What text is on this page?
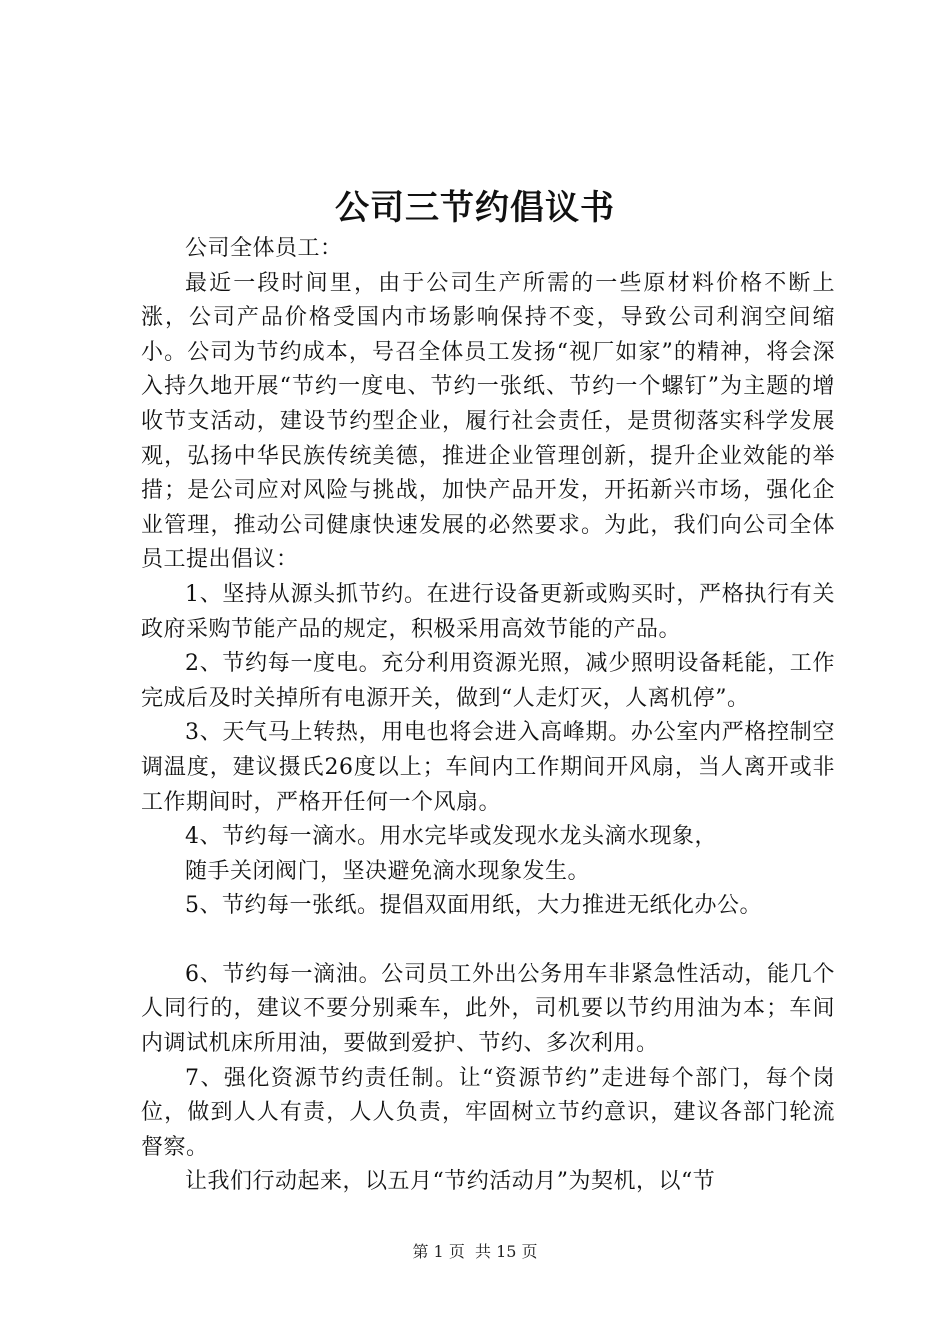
公司三节约倡议书

公司全体员工：

最近一段时间里，由于公司生产所需的一些原材料价格不断上涨，公司产品价格受国内市场影响保持不变，导致公司利润空间缩小。公司为节约成本，号召全体员工发扬“视厂如家”的精神，将会深入持久地开展“节约一度电、节约一张纸、节约一个螺钉”为主题的增收节支活动，建设节约型企业，履行社会责任，是贯彻落实科学发展观，弘扬中华民族传统美德，推进企业管理创新，提升企业效能的举措；是公司应对风险与挑战，加快产品开发，开拓新兴市场，强化企业管理，推动公司健康快速发展的必然要求。为此，我们向公司全体员工提出倡议：

1、坚持从源头抓节约。在进行设备更新或购买时，严格执行有关政府采购节能产品的规定，积极采用高效节能的产品。

2、节约每一度电。充分利用资源光照，减少照明设备耗能，工作完成后及时关掉所有电源开关，做到“人走灯灭，人离机停”。

3、天气马上转热，用电也将会进入高峰期。办公室内严格控制空调温度，建议摄氏26度以上；车间内工作期间开风扇，当人离开或非工作期间时，严格开任何一个风扇。

4、节约每一滴水。用水完毕或发现水龙头滴水现象，

随手关闭阀门，坚决避免滴水现象发生。

5、节约每一张纸。提倡双面用纸，大力推进无纸化办公。

6、节约每一滴油。公司员工外出公务用车非紧急性活动，能几个人同行的，建议不要分别乘车，此外，司机要以节约用油为本；车间内调试机床所用油，要做到爱护、节约、多次利用。

7、强化资源节约责任制。让“资源节约”走进每个部门，每个岗位，做到人人有责，人人负责，牢固树立节约意识，建议各部门轮流督察。

让我们行动起来，以五月“节约活动月”为契机，以“节

第 1 页  共 15 页
